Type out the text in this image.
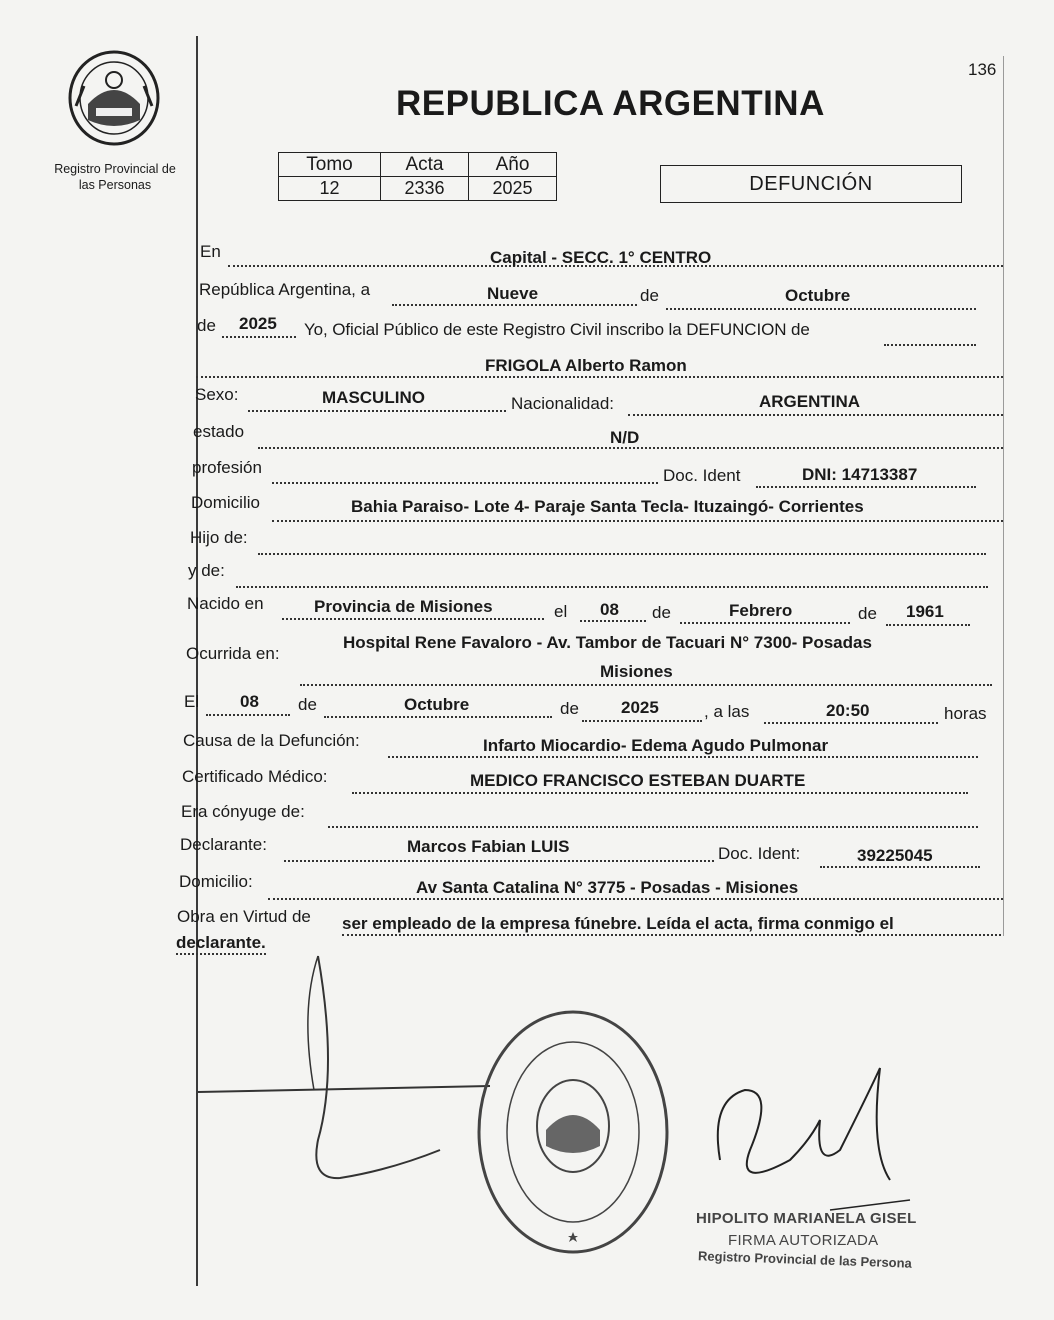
136
Registro Provincial de
las Personas
REPUBLICA ARGENTINA
Tomo	Acta	Año
12	2336	2025	DEFUNCIÓN
En	Capital - SECC. 1° CENTRO
República Argentina, a	Nueve	de	Octubre
de 2025 Yo, Oficial Público de este Registro Civil inscribo la DEFUNCION de
FRIGOLA Alberto Ramon
Sexo:	MASCULINO	Nacionalidad:	ARGENTINA
estado	N/D
profesión	Doc. Ident	DNI: 14713387
Domicilio	Bahia Paraiso- Lote 4- Paraje Santa Tecla- Ituzaingó- Corrientes
Hijo de:
y de:
Nacido en	Provincia de Misiones	el 08 de	Febrero	de 1961
Ocurrida en:
Hospital Rene Favaloro - Av. Tambor de Tacuari N° 7300- Posadas
Misiones
El 08 de	Octubre	de 2025	, a las	20:50	horas
Causa de la Defunción:	Infarto Miocardio- Edema Agudo Pulmonar
Certificado Médico:	MEDICO FRANCISCO ESTEBAN DUARTE
Era cónyuge de:
Declarante:	Marcos Fabian LUIS	Doc. Ident:	39225045
Domicilio:	Av Santa Catalina N° 3775 - Posadas - Misiones
Obra en Virtud de ser empleado de la empresa fúnebre. Leída el acta, firma conmigo el
declarante.
HIPOLITO MARIANELA GISEL
FIRMA AUTORIZADA
Registro Provincial de las Persona
